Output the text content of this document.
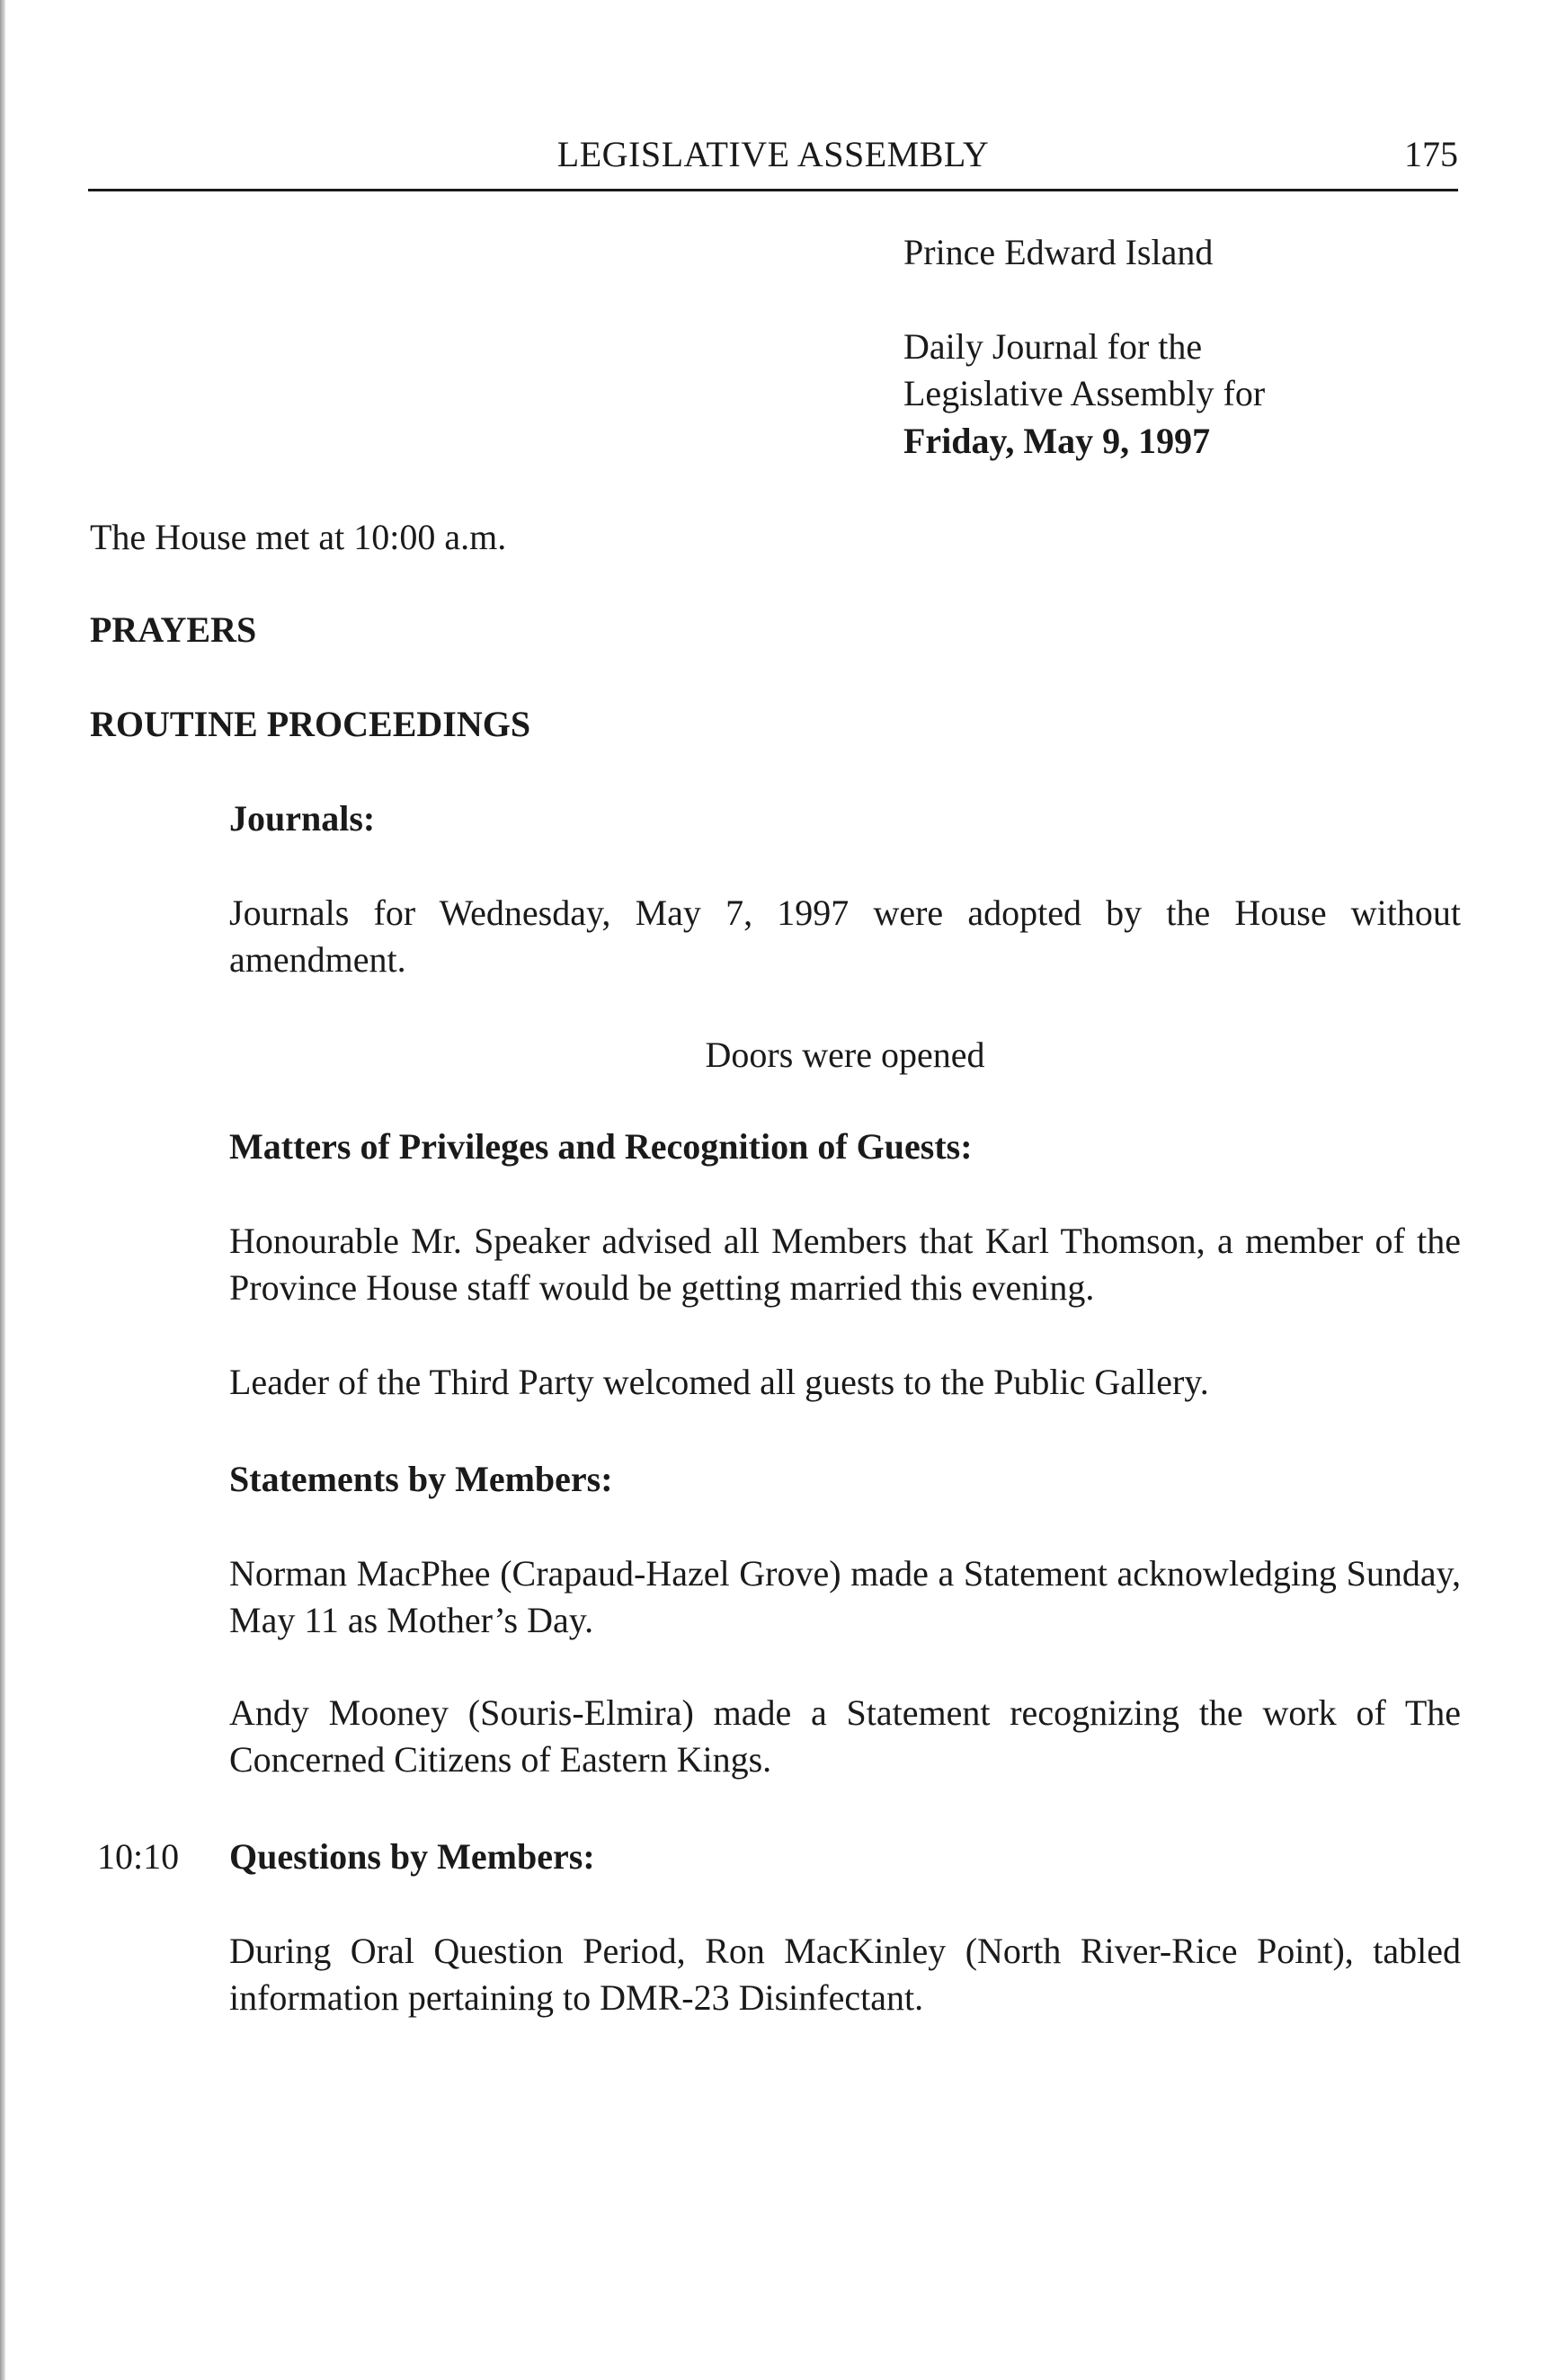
LEGISLATIVE ASSEMBLY	175

Prince Edward Island

Daily Journal for the

Legislative Assembly for

Friday, May 9, 1997

The House met at 10:00 a.m.

PRAYERS

ROUTINE PROCEEDINGS

Journals:

Journals for Wednesday, May 7, 1997 were adopted by the House without amendment.

Doors were opened

Matters of Privileges and Recognition of Guests:

Honourable Mr. Speaker advised all Members that Karl Thomson, a member of the Province House staff would be getting married this evening.

Leader of the Third Party welcomed all guests to the Public Gallery.

Statements by Members:

Norman MacPhee (Crapaud-Hazel Grove) made a Statement acknowledging Sunday, May 11 as Mother’s Day.

Andy Mooney (Souris-Elmira) made a Statement recognizing the work of The Concerned Citizens of Eastern Kings.

10:10 Questions by Members:

During Oral Question Period, Ron MacKinley (North River-Rice Point), tabled information pertaining to DMR-23 Disinfectant.
